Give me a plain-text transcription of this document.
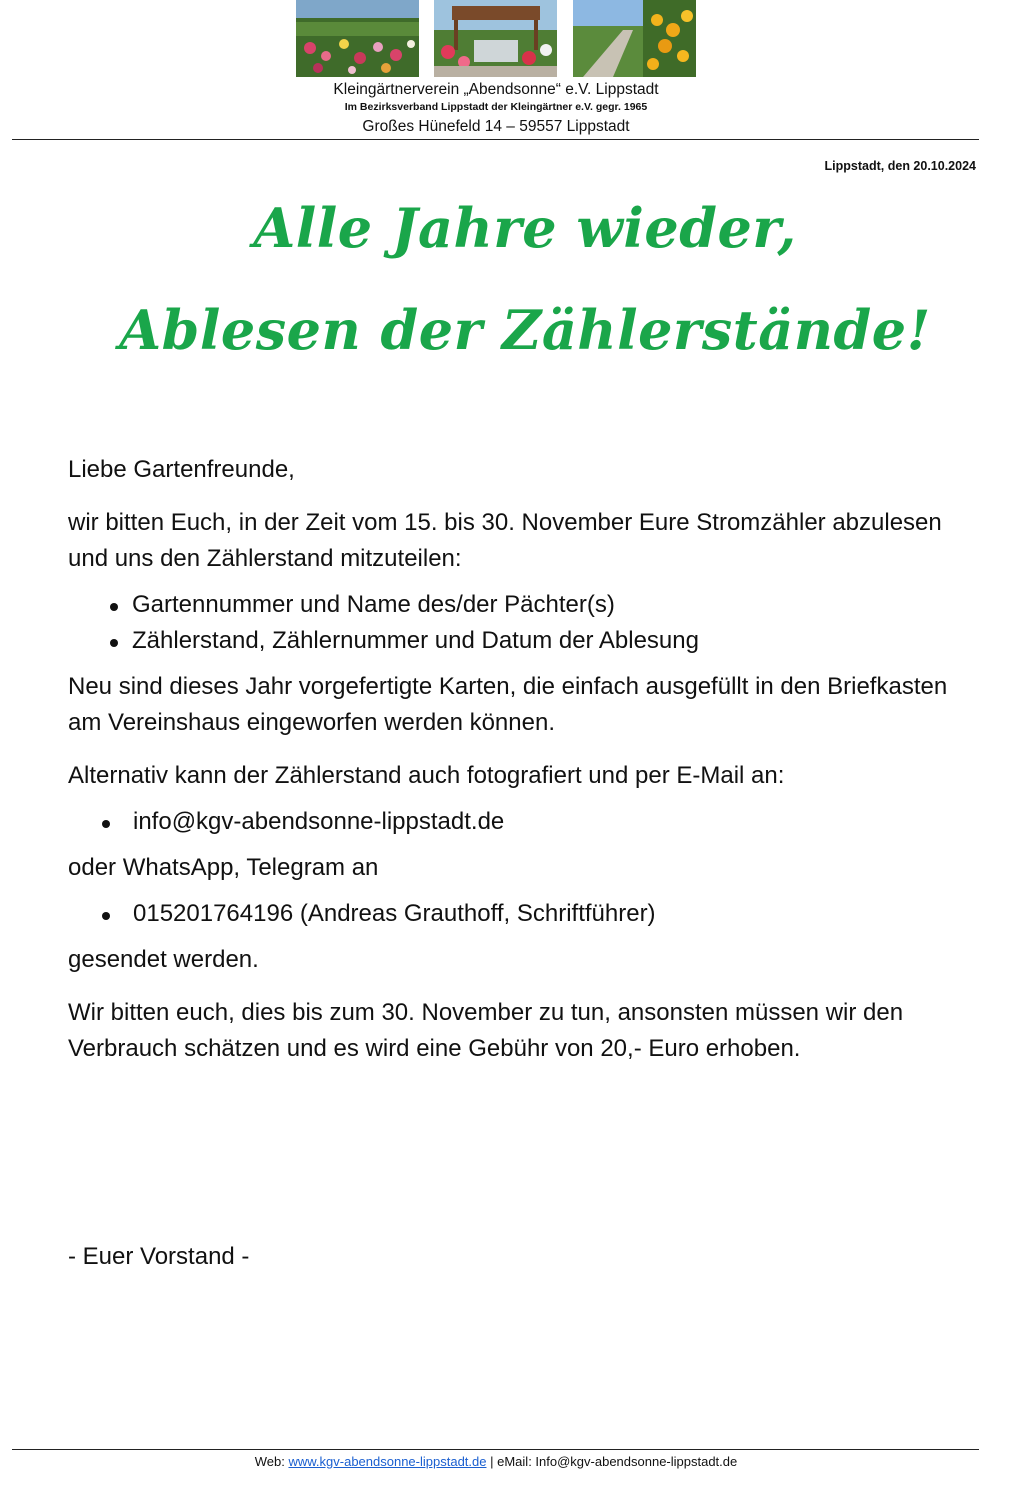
Kleingärtnerverein „Abendsonne“ e.V. Lippstadt
Im Bezirksverband Lippstadt der Kleingärtner e.V. gegr. 1965
Großes Hünefeld 14 – 59557 Lippstadt
Lippstadt, den 20.10.2024
Alle Jahre wieder,
Ablesen der Zählerstände!

Liebe Gartenfreunde,

wir bitten Euch, in der Zeit vom 15. bis 30. November Eure Stromzähler abzulesen und uns den Zählerstand mitzuteilen:

Gartennummer und Name des/der Pächter(s)
Zählerstand, Zählernummer und Datum der Ablesung

Neu sind dieses Jahr vorgefertigte Karten, die einfach ausgefüllt in den Briefkasten am Vereinshaus eingeworfen werden können.

Alternativ kann der Zählerstand auch fotografiert und per E-Mail an:

info@kgv-abendsonne-lippstadt.de

oder WhatsApp, Telegram an

015201764196 (Andreas Grauthoff, Schriftführer)

gesendet werden.

Wir bitten euch, dies bis zum 30. November zu tun, ansonsten müssen wir den Verbrauch schätzen und es wird eine Gebühr von 20,- Euro erhoben.

- Euer Vorstand -
Web: www.kgv-abendsonne-lippstadt.de | eMail: Info@kgv-abendsonne-lippstadt.de
